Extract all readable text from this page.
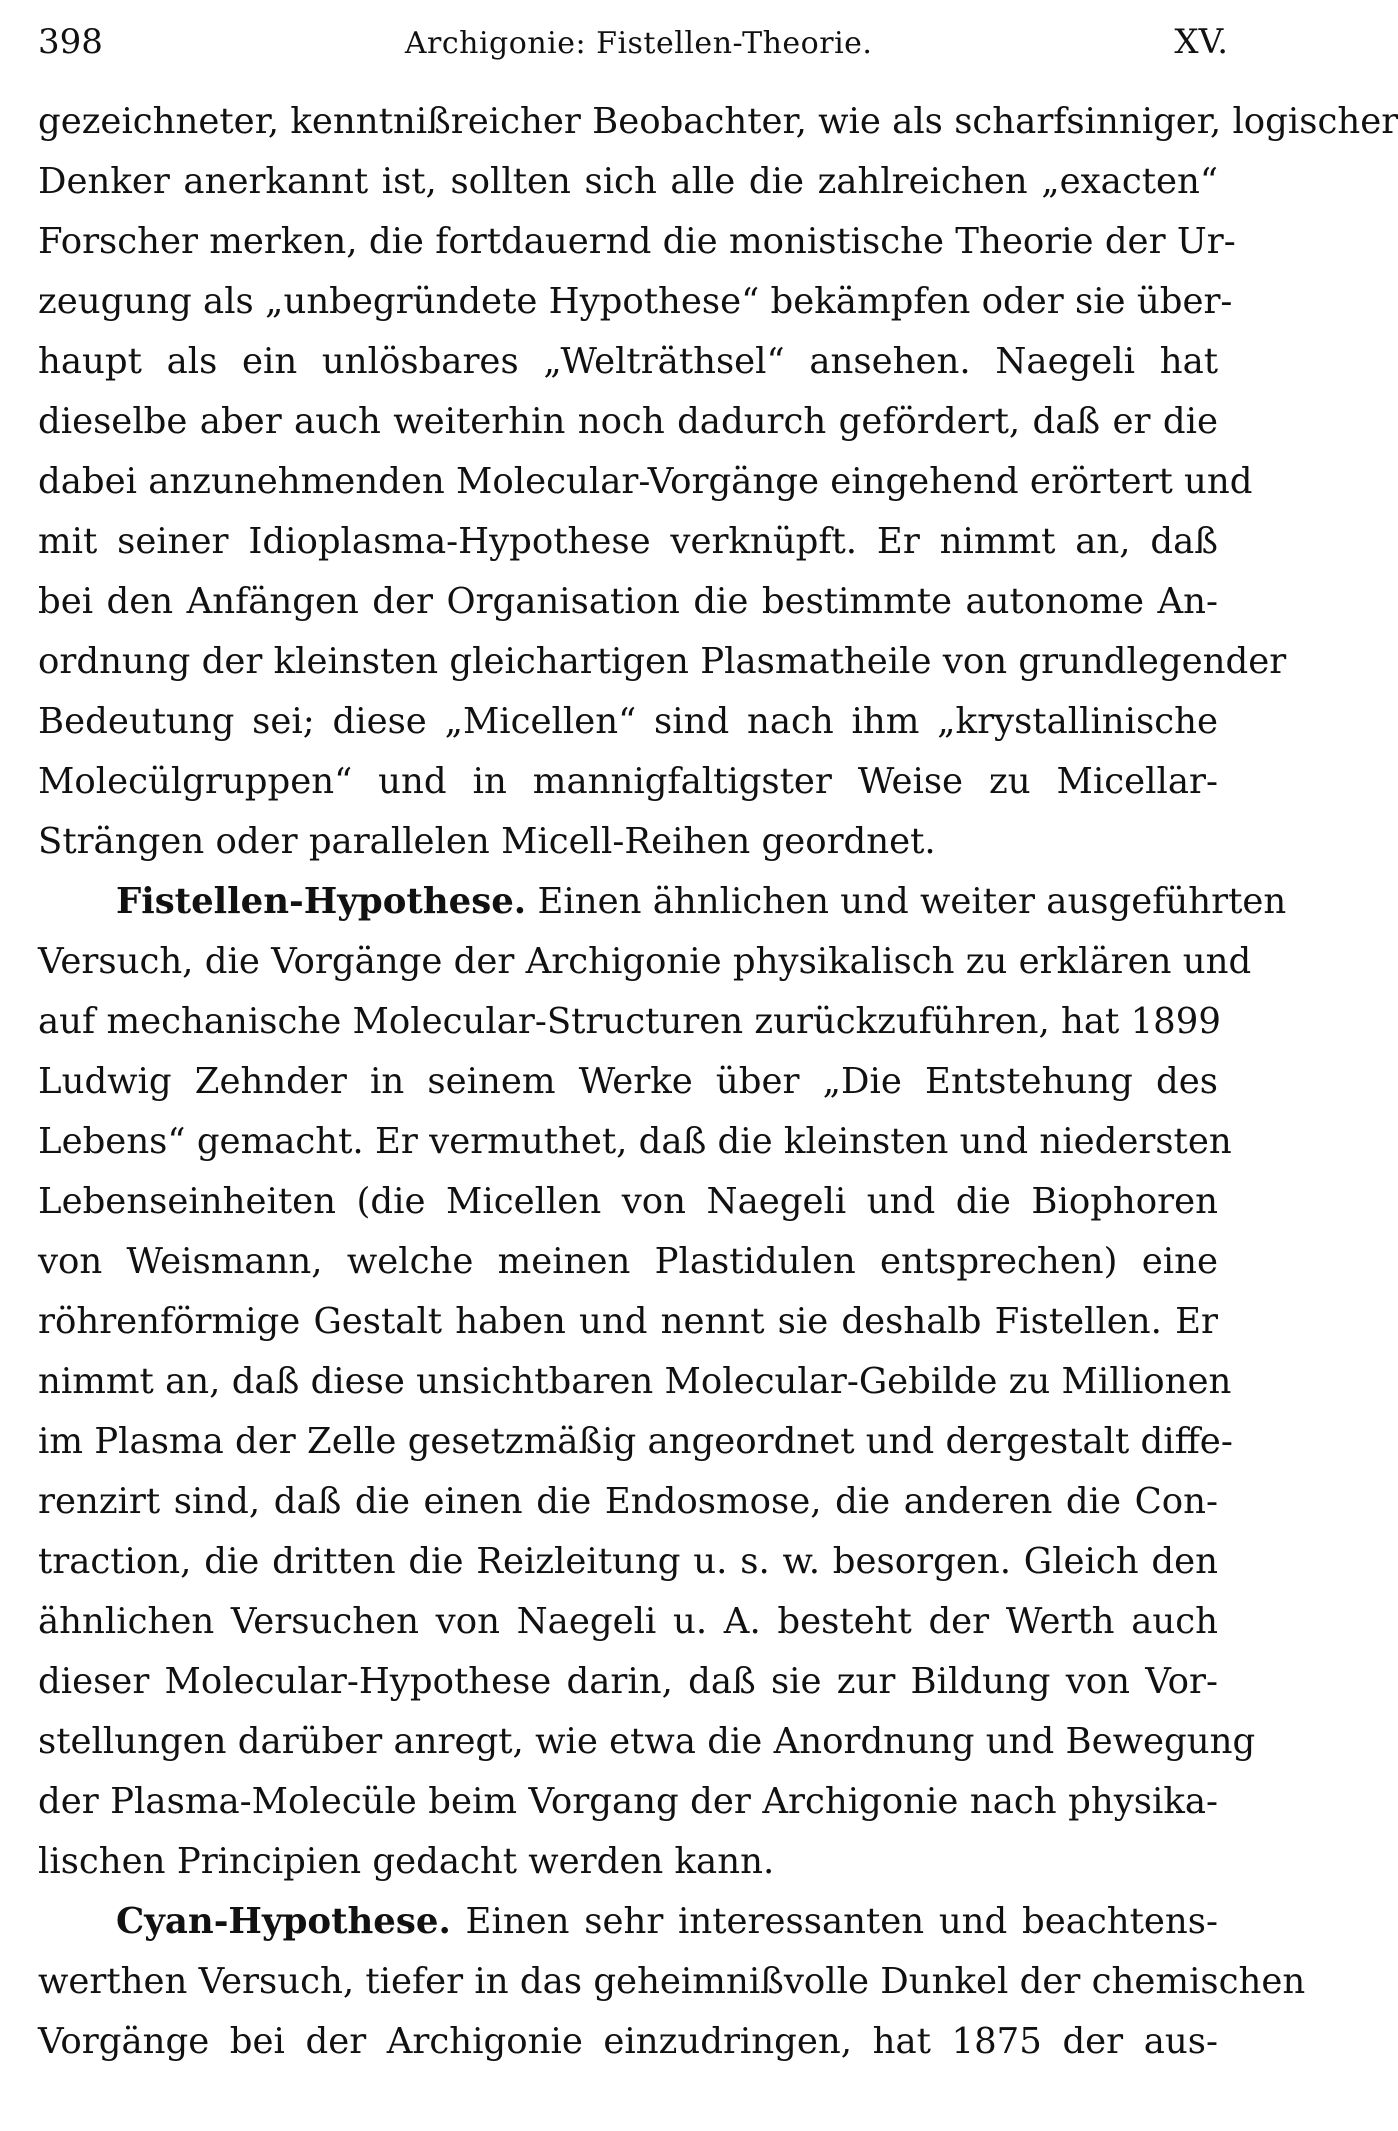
398	Archigonie: Fistellen-Theorie.	XV.
gezeichneter, kenntnißreicher Beobachter, wie als scharfsinniger, logischer
Denker anerkannt ist, sollten sich alle die zahlreichen „exacten“
Forscher merken, die fortdauernd die monistische Theorie der Ur-
zeugung als „unbegründete Hypothese“ bekämpfen oder sie über-
haupt als ein unlösbares „Welträthsel“ ansehen. Naegeli hat
dieselbe aber auch weiterhin noch dadurch gefördert, daß er die
dabei anzunehmenden Molecular-Vorgänge eingehend erörtert und
mit seiner Idioplasma-Hypothese verknüpft. Er nimmt an, daß
bei den Anfängen der Organisation die bestimmte autonome An-
ordnung der kleinsten gleichartigen Plasmatheile von grundlegender
Bedeutung sei; diese „Micellen“ sind nach ihm „krystallinische
Molecülgruppen“ und in mannigfaltigster Weise zu Micellar-
Strängen oder parallelen Micell-Reihen geordnet.
Fistellen-Hypothese. Einen ähnlichen und weiter ausgeführten
Versuch, die Vorgänge der Archigonie physikalisch zu erklären und
auf mechanische Molecular-Structuren zurückzuführen, hat 1899
Ludwig Zehnder in seinem Werke über „Die Entstehung des
Lebens“ gemacht. Er vermuthet, daß die kleinsten und niedersten
Lebenseinheiten (die Micellen von Naegeli und die Biophoren
von Weismann, welche meinen Plastidulen entsprechen) eine
röhrenförmige Gestalt haben und nennt sie deshalb Fistellen. Er
nimmt an, daß diese unsichtbaren Molecular-Gebilde zu Millionen
im Plasma der Zelle gesetzmäßig angeordnet und dergestalt diffe-
renzirt sind, daß die einen die Endosmose, die anderen die Con-
traction, die dritten die Reizleitung u. s. w. besorgen. Gleich den
ähnlichen Versuchen von Naegeli u. A. besteht der Werth auch
dieser Molecular-Hypothese darin, daß sie zur Bildung von Vor-
stellungen darüber anregt, wie etwa die Anordnung und Bewegung
der Plasma-Molecüle beim Vorgang der Archigonie nach physika-
lischen Principien gedacht werden kann.
Cyan-Hypothese. Einen sehr interessanten und beachtens-
werthen Versuch, tiefer in das geheimnißvolle Dunkel der chemischen
Vorgänge bei der Archigonie einzudringen, hat 1875 der aus-
